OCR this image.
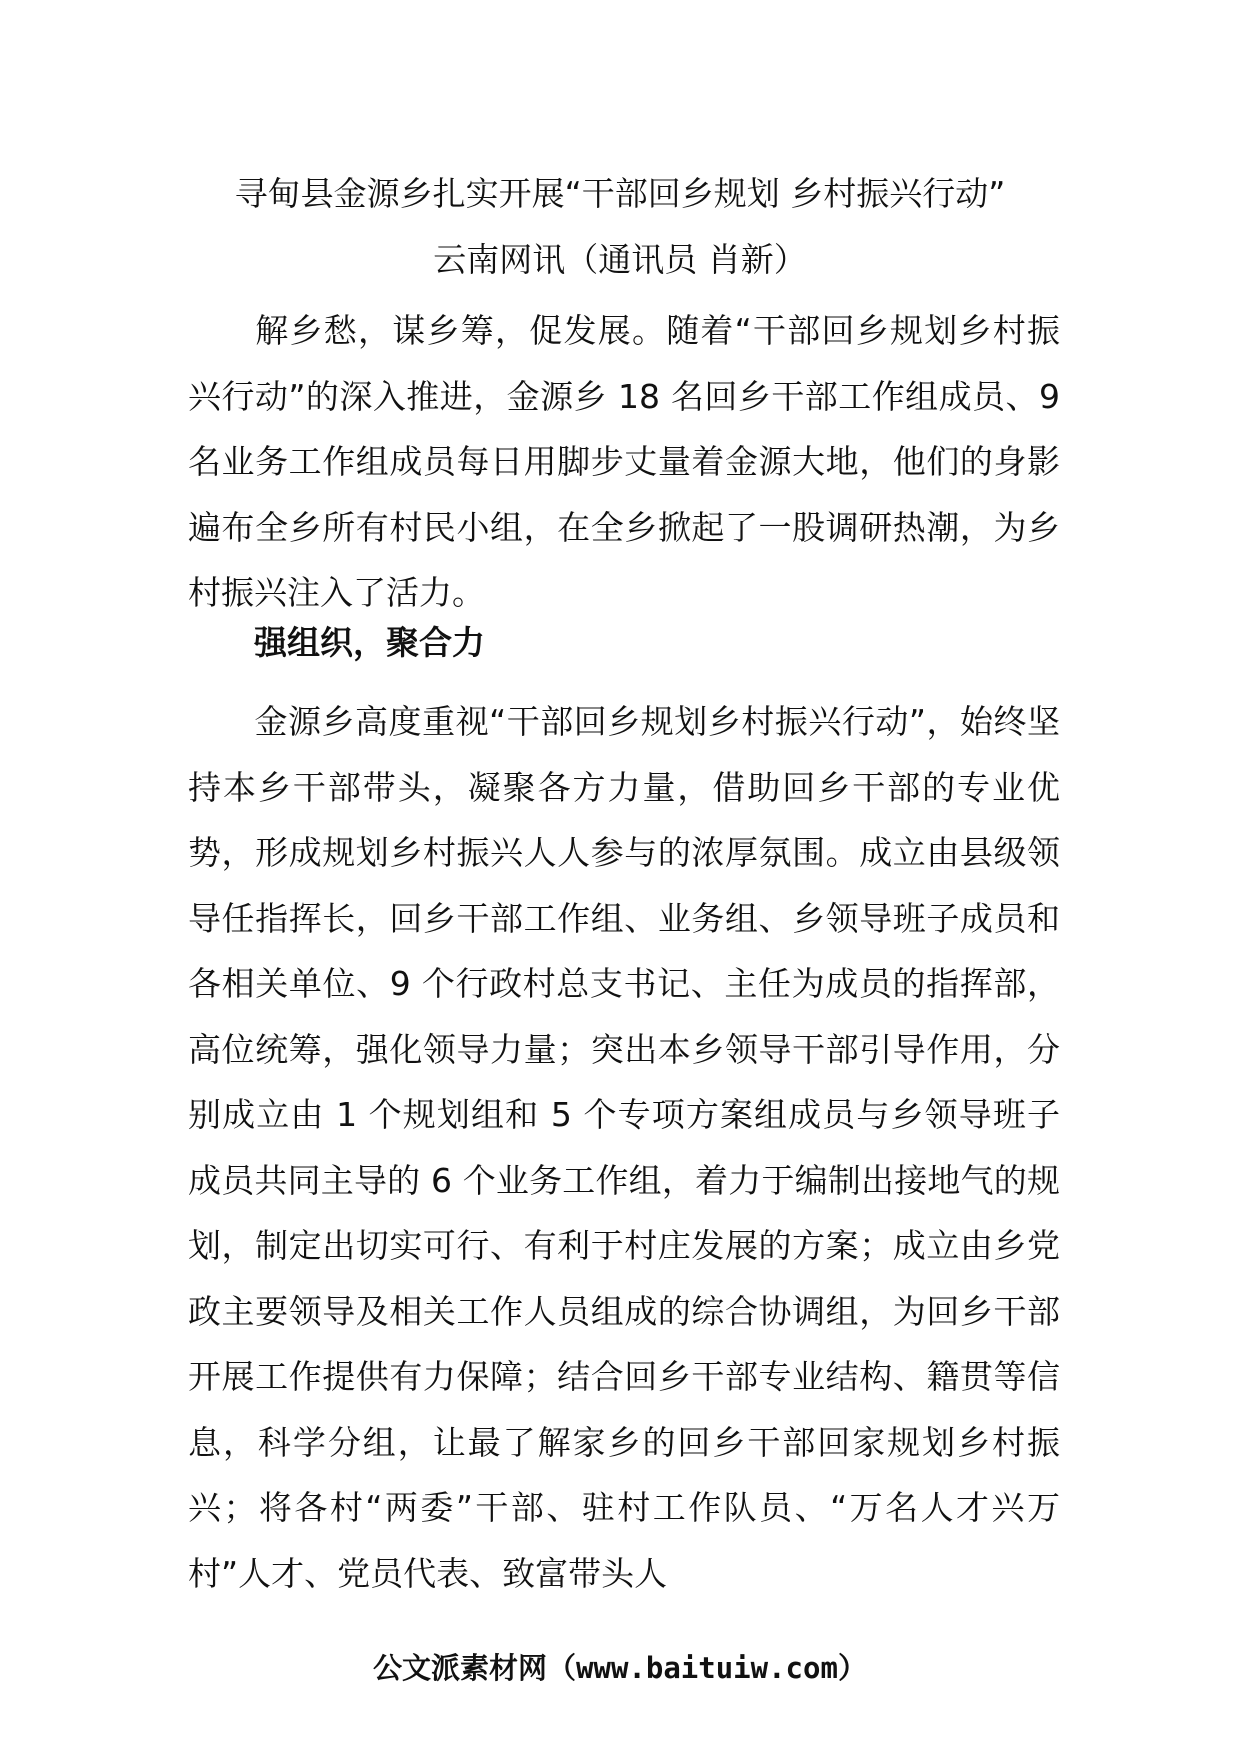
寻甸县金源乡扎实开展“干部回乡规划 乡村振兴行动”
云南网讯（通讯员 肖新）
解乡愁，谋乡筹，促发展。随着“干部回乡规划乡村振兴行动”的深入推进，金源乡 18 名回乡干部工作组成员、9 名业务工作组成员每日用脚步丈量着金源大地，他们的身影遍布全乡所有村民小组，在全乡掀起了一股调研热潮，为乡村振兴注入了活力。
强组织，聚合力
金源乡高度重视“干部回乡规划乡村振兴行动”，始终坚持本乡干部带头，凝聚各方力量，借助回乡干部的专业优势，形成规划乡村振兴人人参与的浓厚氛围。成立由县级领导任指挥长，回乡干部工作组、业务组、乡领导班子成员和各相关单位、9 个行政村总支书记、主任为成员的指挥部，高位统筹，强化领导力量；突出本乡领导干部引导作用，分别成立由 1 个规划组和 5 个专项方案组成员与乡领导班子成员共同主导的 6 个业务工作组，着力于编制出接地气的规划，制定出切实可行、有利于村庄发展的方案；成立由乡党政主要领导及相关工作人员组成的综合协调组，为回乡干部开展工作提供有力保障；结合回乡干部专业结构、籍贯等信息，科学分组，让最了解家乡的回乡干部回家规划乡村振兴；将各村“两委”干部、驻村工作队员、“万名人才兴万村”人才、党员代表、致富带头人
公文派素材网（www.baituiw.com）
